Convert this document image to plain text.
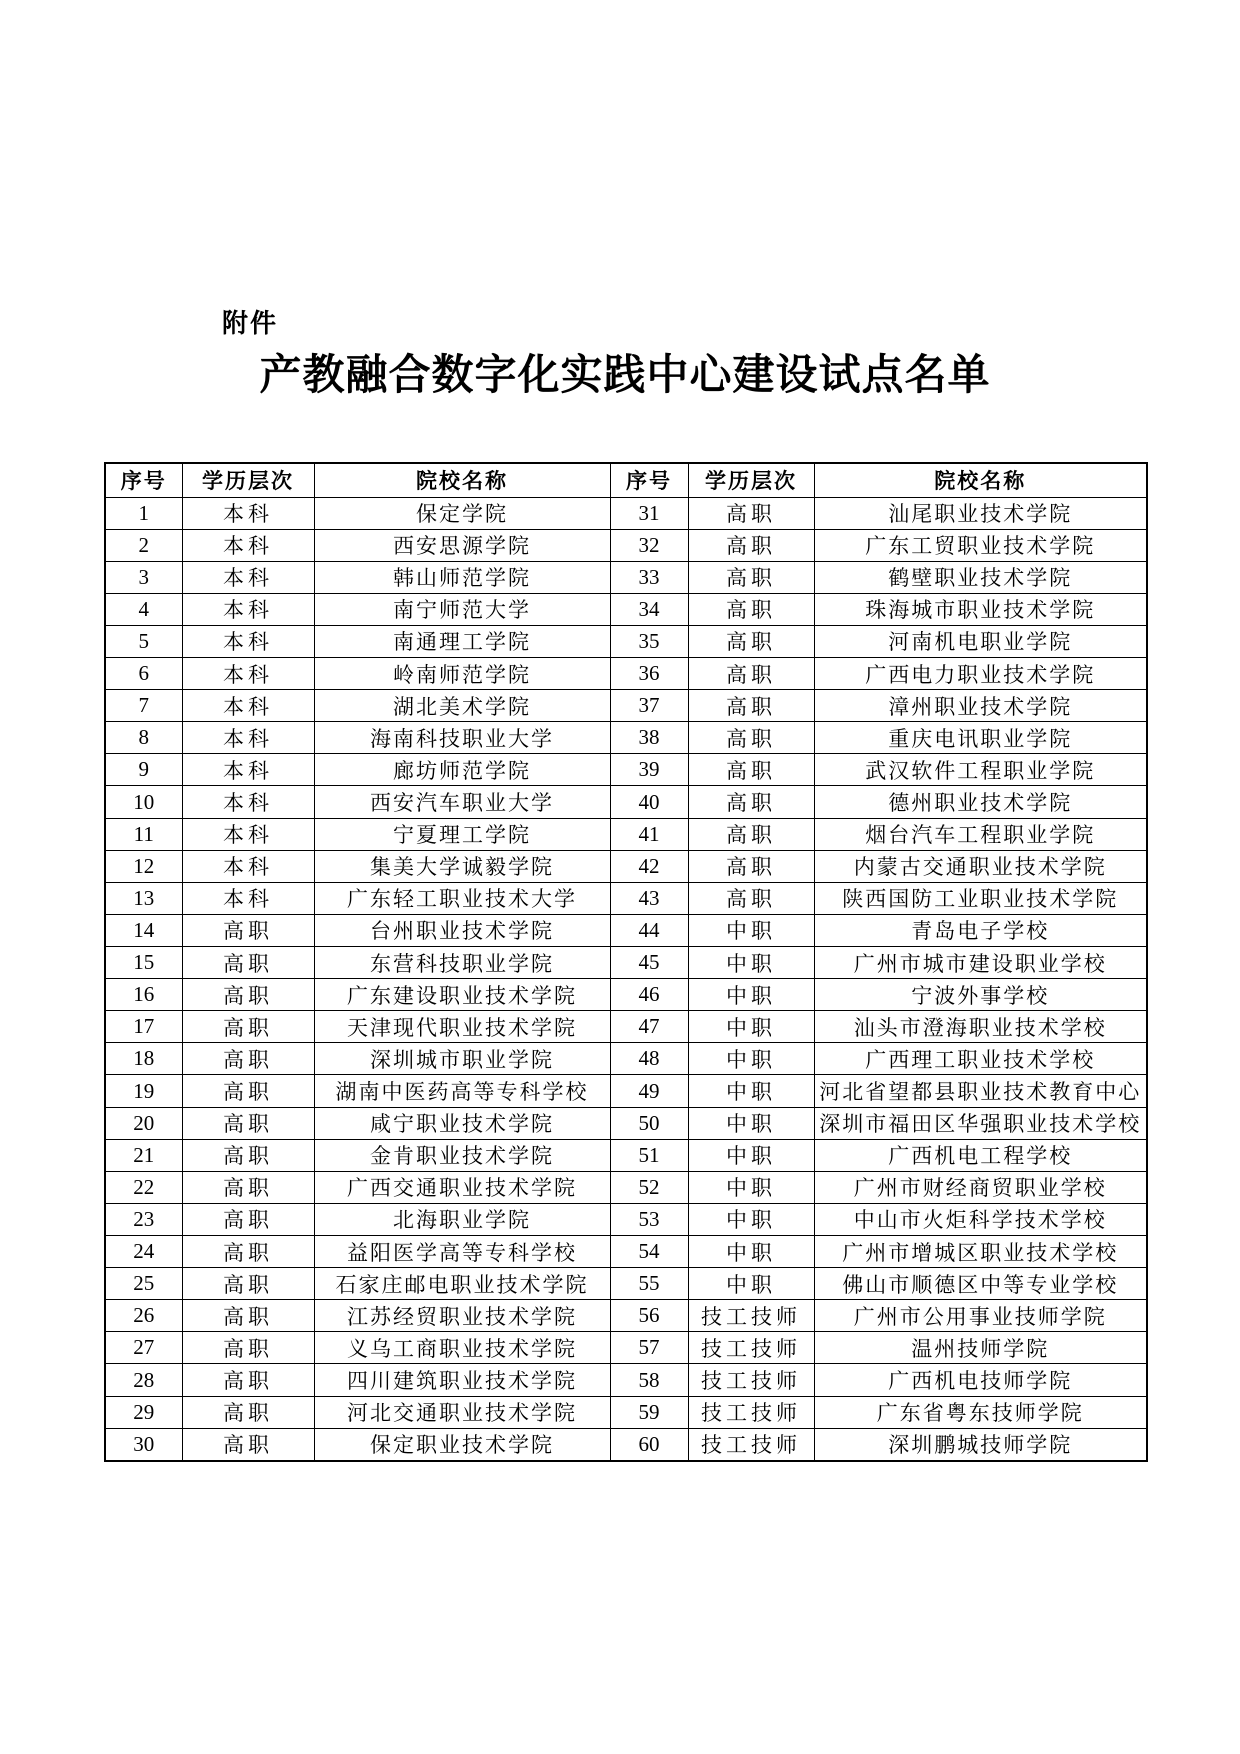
附件
产教融合数字化实践中心建设试点名单
序号	学历层次	院校名称	序号	学历层次	院校名称
1	本科	保定学院	31	高职	汕尾职业技术学院
2	本科	西安思源学院	32	高职	广东工贸职业技术学院
3	本科	韩山师范学院	33	高职	鹤壁职业技术学院
4	本科	南宁师范大学	34	高职	珠海城市职业技术学院
5	本科	南通理工学院	35	高职	河南机电职业学院
6	本科	岭南师范学院	36	高职	广西电力职业技术学院
7	本科	湖北美术学院	37	高职	漳州职业技术学院
8	本科	海南科技职业大学	38	高职	重庆电讯职业学院
9	本科	廊坊师范学院	39	高职	武汉软件工程职业学院
10	本科	西安汽车职业大学	40	高职	德州职业技术学院
11	本科	宁夏理工学院	41	高职	烟台汽车工程职业学院
12	本科	集美大学诚毅学院	42	高职	内蒙古交通职业技术学院
13	本科	广东轻工职业技术大学	43	高职	陕西国防工业职业技术学院
14	高职	台州职业技术学院	44	中职	青岛电子学校
15	高职	东营科技职业学院	45	中职	广州市城市建设职业学校
16	高职	广东建设职业技术学院	46	中职	宁波外事学校
17	高职	天津现代职业技术学院	47	中职	汕头市澄海职业技术学校
18	高职	深圳城市职业学院	48	中职	广西理工职业技术学校
19	高职	湖南中医药高等专科学校	49	中职	河北省望都县职业技术教育中心
20	高职	咸宁职业技术学院	50	中职	深圳市福田区华强职业技术学校
21	高职	金肯职业技术学院	51	中职	广西机电工程学校
22	高职	广西交通职业技术学院	52	中职	广州市财经商贸职业学校
23	高职	北海职业学院	53	中职	中山市火炬科学技术学校
24	高职	益阳医学高等专科学校	54	中职	广州市增城区职业技术学校
25	高职	石家庄邮电职业技术学院	55	中职	佛山市顺德区中等专业学校
26	高职	江苏经贸职业技术学院	56	技工技师	广州市公用事业技师学院
27	高职	义乌工商职业技术学院	57	技工技师	温州技师学院
28	高职	四川建筑职业技术学院	58	技工技师	广西机电技师学院
29	高职	河北交通职业技术学院	59	技工技师	广东省粤东技师学院
30	高职	保定职业技术学院	60	技工技师	深圳鹏城技师学院
